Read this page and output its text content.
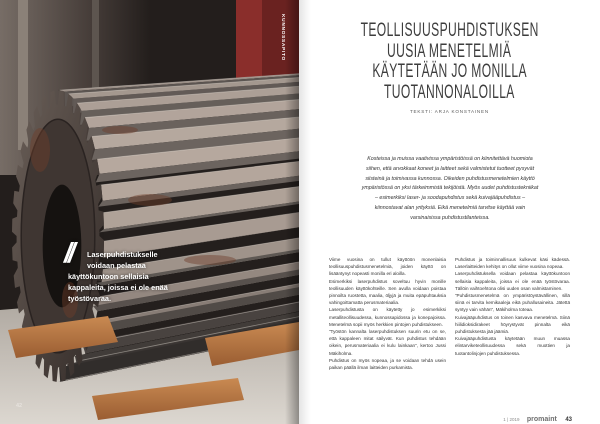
KUNNOSSAPITO
//	Laserpuhdistukselle
voidaan pelastaa
käyttökuntoon sellaisia
kappaleita, joissa ei ole enää
työstövaraa.
42
TEOLLISUUSPUHDISTUKSEN
UUSIA MENETELMIÄ
KÄYTETÄÄN JO MONILLA
TUOTANNONALOILLA
TEKSTI: ARJA KONSTAINEN
Kosteissa ja muissa vaativissa ympäristöissä on kiinnitettävä huomiota
siihen, että arvokkaat koneet ja laitteet sekä valmistetut tuotteet pysyvät
siisteinä ja toimivassa kunnossa. Oikeiden puhdistusmenetelmien käyttö
ympäristössä on yksi tärkeimmistä tekijöistä. Myös uudet puhdistustekniikat
– esimerkiksi laser- ja soodapuhdistus sekä kuivajääpuhdistus –
kiinnostavat alan yrityksiä. Eikä menetelmiä tarvitse käyttää vain
varsinaisissa puhdistustilanteissa.

Viime vuosina on tullut käyttöön monenlaisia teollisuuspuhdistusmenetelmiä, joiden käyttö on lisääntynyt nopeasti monilla eri aloilla.

Esimerkiksi laserpuhdistus soveltuu hyvin monille teollisuuden käyttökohteille. Sen avulla voidaan poistaa pinnoilta ruostetta, maalia, öljyjä ja muita epäpuhtauksia vahingoittamatta perusmateriaalia.

Laserpuhdistusta on käytetty jo esimerkiksi metalliteollisuudessa, kunnossapidossa ja konepajoissa. Menetelmä sopii myös herkkien pintojen puhdistukseen.

”Työstön kannalta laserpuhdistuksen suurin etu on se, että kappaleen mitat säilyvät. Kun puhdistus tehdään oikein, perusmateriaalia ei kulu lainkaan”, kertoo Jussi Mäkiholma.

Puhdistus on myös nopeaa, ja se voidaan tehdä usein paikan päällä ilman laitteiden purkamista.

Puhdistus ja toiminnallisuus kulkevat käsi kädessä. Laserlaitteiden kehitys on ollut viime vuosina nopeaa.

Laserpuhdistuksella voidaan pelastaa käyttökuntoon sellaisia kappaleita, joissa ei ole enää työstövaraa. Tällöin vaihtoehtona olisi uuden osan valmistaminen.

”Puhdistusmenetelmä on ympäristöystävällinen, sillä siinä ei tarvita kemikaaleja eikä puhallusaineita. Jätettä syntyy vain vähän”, Mäkiholma toteaa.

Kuivajääpuhdistus on toinen kasvava menetelmä. Siinä hiilidioksidirakeet höyrystyvät pinnalta eikä puhdistuksesta jää jäämiä.

Kuivajääpuhdistusta käytetään muun muassa elintarviketeollisuudessa sekä muottien ja tuotantolinjojen puhdistuksessa.

1 | 2019 promaint 43
